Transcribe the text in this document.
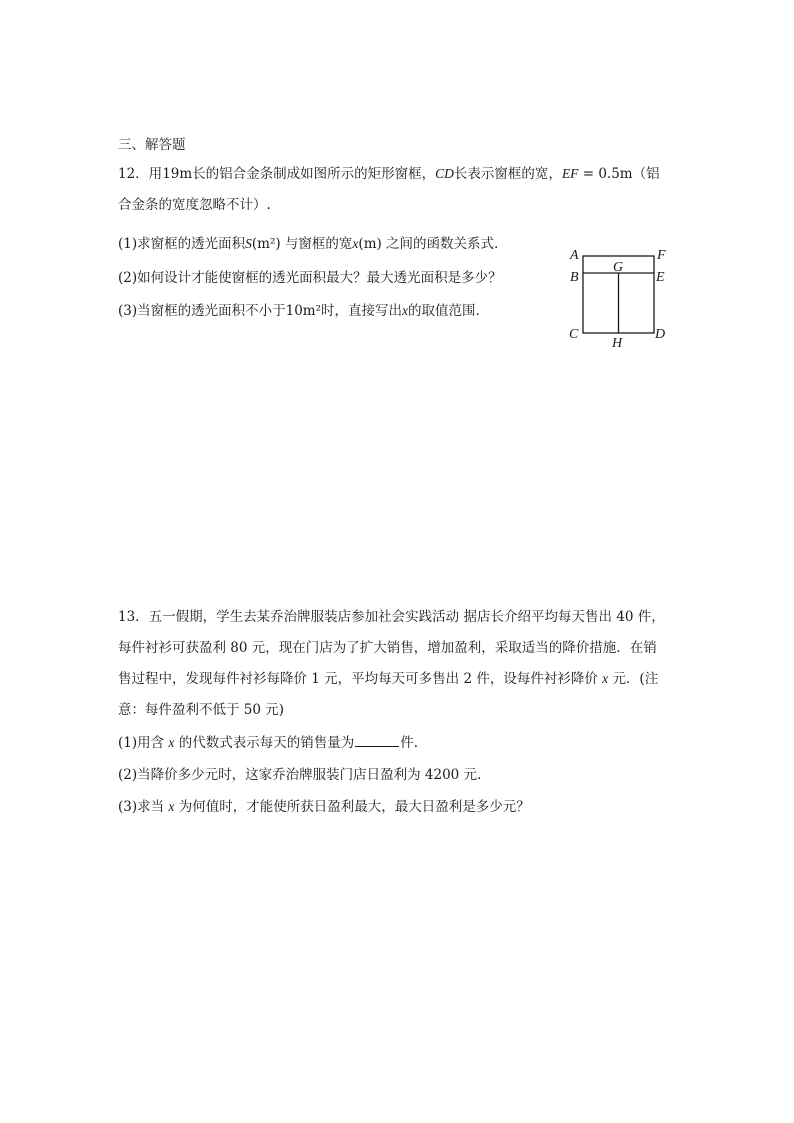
三、解答题
12．用19m长的铝合金条制成如图所示的矩形窗框，CD长表示窗框的宽，EF = 0.5m（铝
合金条的宽度忽略不计）.
(1)求窗框的透光面积S(m²) 与窗框的宽x(m) 之间的函数关系式.
(2)如何设计才能使窗框的透光面积最大？最大透光面积是多少？
(3)当窗框的透光面积不小于10m²时，直接写出x的取值范围.
A	F
B
G
E
C
H
D
13．五一假期，学生去某乔治牌服装店参加社会实践活动 据店长介绍平均每天售出 40 件，
每件衬衫可获盈利 80 元，现在门店为了扩大销售，增加盈利，采取适当的降价措施．在销
售过程中，发现每件衬衫每降价 1 元，平均每天可多售出 2 件，设每件衬衫降价 x 元．(注
意：每件盈利不低于 50 元)
(1)用含 x 的代数式表示每天的销售量为	件.
(2)当降价多少元时，这家乔治牌服装门店日盈利为 4200 元.
(3)求当 x 为何值时，才能使所获日盈利最大，最大日盈利是多少元？
